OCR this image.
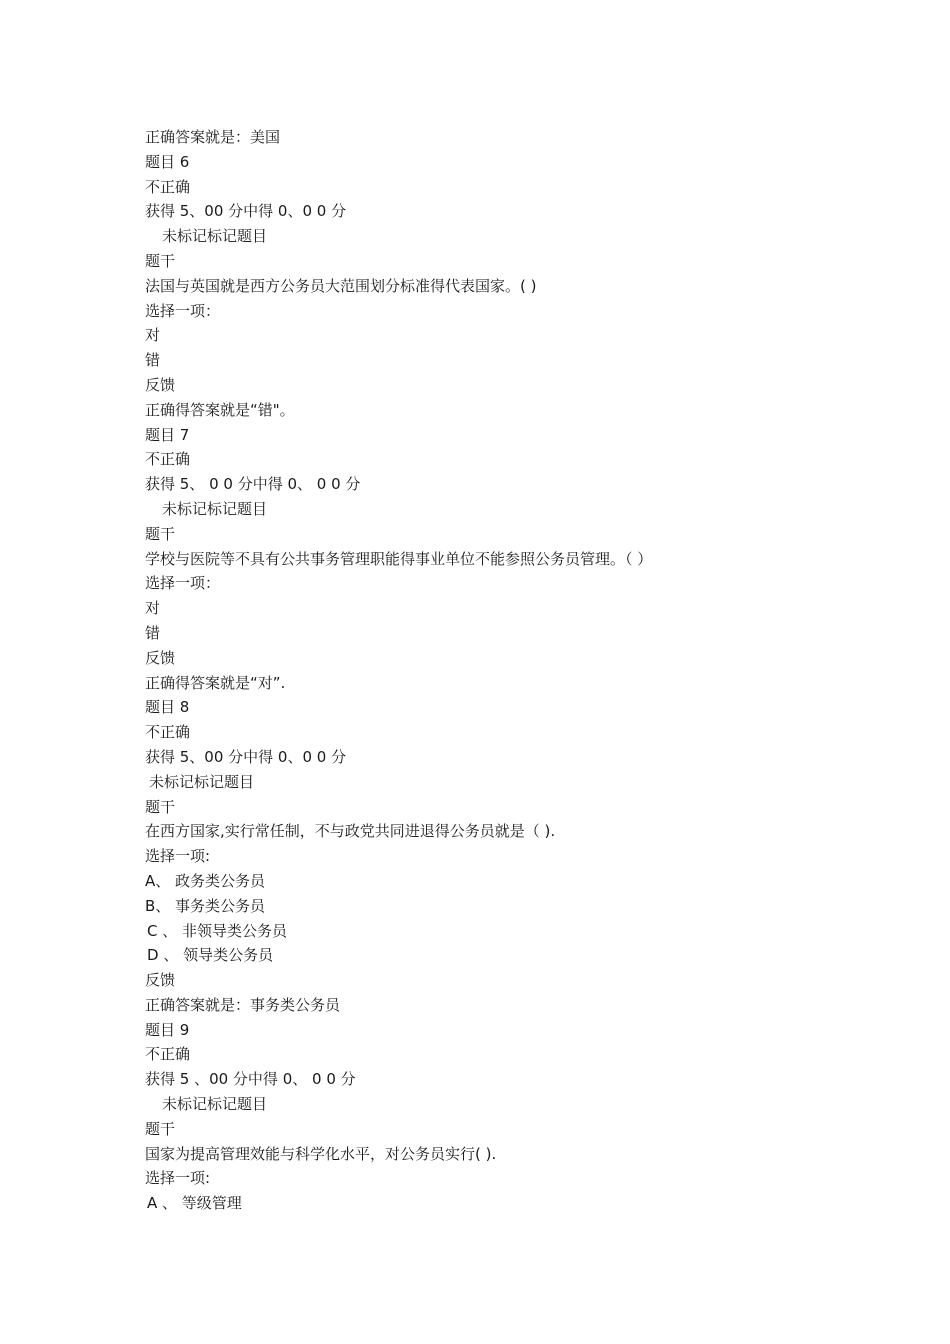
正确答案就是：美国
题目 6
不正确
获得 5、00 分中得 0、0 0 分
未标记标记题目
题干
法国与英国就是西方公务员大范围划分标准得代表国家。( )
选择一项：
对
错
反馈
正确得答案就是“错"。
题目 7
不正确
获得 5、 0 0 分中得 0、 0 0 分
未标记标记题目
题干
学校与医院等不具有公共事务管理职能得事业单位不能参照公务员管理。（ ）
选择一项：
对
错
反馈
正确得答案就是“对”.
题目 8
不正确
获得 5、00 分中得 0、0 0 分
未标记标记题目
题干
在西方国家,实行常任制，不与政党共同进退得公务员就是（ ).
选择一项:
A、 政务类公务员
B、 事务类公务员
C 、 非领导类公务员
D 、 领导类公务员
反馈
正确答案就是：事务类公务员
题目 9
不正确
获得 5 、00 分中得 0、 0 0 分
未标记标记题目
题干
国家为提高管理效能与科学化水平，对公务员实行( ).
选择一项:
A 、 等级管理
